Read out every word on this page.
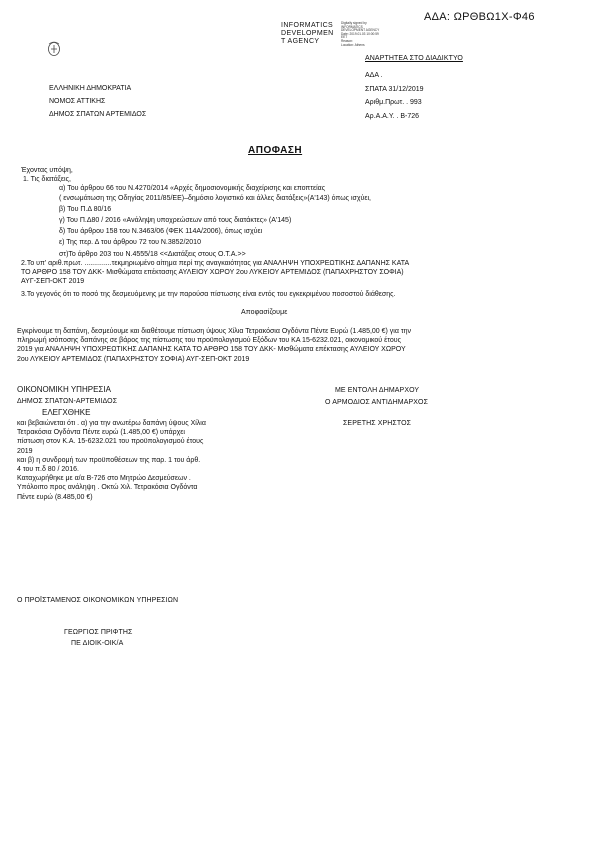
ΑΔΑ: ΩΡΘΒΩ1Χ-Φ46
INFORMATICS
DEVELOPMEN
T AGENCY
Digitally signed by
INFORMATICS
DEVELOPMENT AGENCY
Date: 2019.01.03 10:00:59
EET
Reason:
Location: Athens
ΑΝΑΡΤΗΤΕΑ ΣΤΟ ΔΙΑΔΙΚΤΥΟ
ΕΛΛΗΝΙΚΗ ΔΗΜΟΚΡΑΤΙΑ
ΝΟΜΟΣ ΑΤΤΙΚΗΣ
ΔΗΜΟΣ ΣΠΑΤΩΝ ΑΡΤΕΜΙΔΟΣ
ΑΔΑ .
ΣΠΑΤΑ 31/12/2019
Αριθμ.Πρωτ. . 993
Αρ.Α.Α.Υ. . Β-726
ΑΠΟΦΑΣΗ
Έχοντας υπόψη,
1. Τις διατάξεις,
α) Του άρθρου 66 του Ν.4270/2014 «Αρχές δημοσιονομικής διαχείρισης και εποπτείας
( ενσωμάτωση της Οδηγίας 2011/85/ΕΕ)–δημόσιο λογιστικό και άλλες διατάξεις»(Α'143) όπως ισχύει,
β) Του Π.Δ 80/16
γ) Του Π.Δ80 / 2016 «Ανάληψη υποχρεώσεων από τους διατάκτες» (Α'145)
δ) Του άρθρου 158 του Ν.3463/06 (ΦΕΚ 114Α/2006), όπως ισχύει
ε) Της περ. Δ του άρθρου 72 του Ν.3852/2010
στ)Το άρθρο 203 του Ν.4555/18 <<Διατάξεις στους Ο.Τ.Α.>>
2.Το υπ' αριθ.πρωτ. ..............τεκμηριωμένο αίτημα περί της αναγκαιότητας για ΑΝΑΛΗΨΗ ΥΠΟΧΡΕΩΤΙΚΗΣ ΔΑΠΑΝΗΣ ΚΑΤΑ
ΤΟ ΑΡΘΡΟ 158 ΤΟΥ ΔΚΚ- Μισθώματα επέκτασης ΑΥΛΕΙΟΥ ΧΩΡΟΥ 2ου ΛΥΚΕΙΟΥ ΑΡΤΕΜΙΔΟΣ (ΠΑΠΑΧΡΗΣΤΟΥ ΣΟΦΙΑ)
ΑΥΓ-ΣΕΠ-ΟΚΤ 2019
3.Το γεγονός ότι το ποσό της δεσμευόμενης με την παρούσα πίστωσης είναι εντός του εγκεκριμένου ποσοστού διάθεσης.
Αποφασίζουμε
Εγκρίνουμε τη δαπάνη, δεσμεύουμε και διαθέτουμε πίστωση ύψους Χίλια Τετρακόσια Ογδόντα Πέντε Ευρώ (1.485,00 €) για την
πληρωμή ισόποσης δαπάνης σε βάρος της πίστωσης του προϋπολογισμού Εξόδων του ΚΑ 15-6232.021, οικονομικού έτους
2019 για ΑΝΑΛΗΨΗ ΥΠΟΧΡΕΩΤΙΚΗΣ ΔΑΠΑΝΗΣ ΚΑΤΑ ΤΟ ΑΡΘΡΟ 158 ΤΟΥ ΔΚΚ- Μισθώματα επέκτασης ΑΥΛΕΙΟΥ ΧΩΡΟΥ
2ου ΛΥΚΕΙΟΥ ΑΡΤΕΜΙΔΟΣ (ΠΑΠΑΧΡΗΣΤΟΥ ΣΟΦΙΑ) ΑΥΓ-ΣΕΠ-ΟΚΤ 2019
ΟΙΚΟΝΟΜΙΚΗ ΥΠΗΡΕΣΙΑ
ΔΗΜΟΣ ΣΠΑΤΩΝ-ΑΡΤΕΜΙΔΟΣ
ΕΛΕΓΧΘΗΚΕ
και βεβαιώνεται ότι . α) για την ανωτέρω δαπάνη ύψους Χίλια
Τετρακόσια Ογδόντα Πέντε ευρώ (1.485,00 €) υπάρχει
πίστωση στον Κ.Α. 15-6232.021 του προϋπολογισμού έτους
2019
και β) η συνδρομή των προϋποθέσεων της παρ. 1 του άρθ.
4 του π.δ 80 / 2016.
Καταχωρήθηκε με α/α Β-726 στο Μητρώο Δεσμεύσεων .
Υπόλοιπο προς ανάληψη . Οκτώ Χιλ. Τετρακόσια Ογδόντα
Πέντε ευρώ (8.485,00 €)
ΜΕ ΕΝΤΟΛΗ ΔΗΜΑΡΧΟΥ
Ο ΑΡΜΟΔΙΟΣ ΑΝΤΙΔΗΜΑΡΧΟΣ
ΣΕΡΕΤΗΣ ΧΡΗΣΤΟΣ
Ο ΠΡΟΪΣΤΑΜΕΝΟΣ ΟΙΚΟΝΟΜΙΚΩΝ ΥΠΗΡΕΣΙΩΝ
ΓΕΩΡΓΙΟΣ ΠΡΙΦΤΗΣ
ΠΕ ΔΙΟΙΚ-ΟΙΚ/Α
